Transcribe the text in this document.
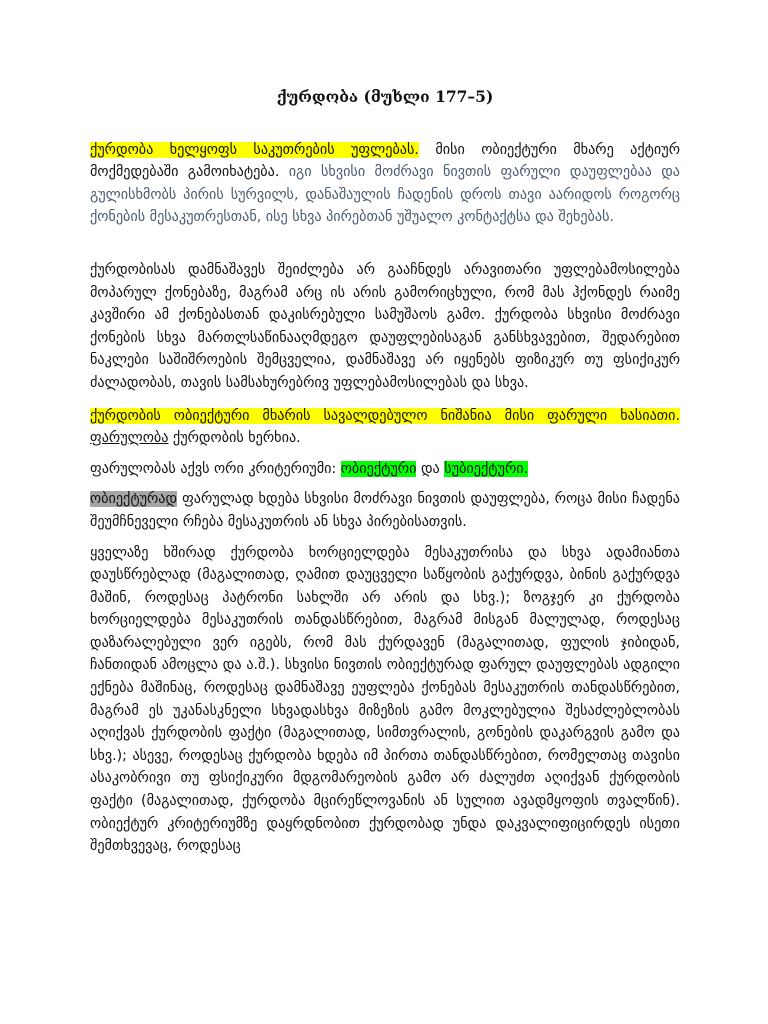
ქურდობა (მუხლი 177–5)

ქურდობა ხელყოფს საკუთრების უფლებას. მისი ობიექტური მხარე აქტიურ მოქმედებაში გამოიხატება. იგი სხვისი მოძრავი ნივთის ფარული დაუფლებაა და გულისხმობს პირის სურვილს, დანაშაულის ჩადენის დროს თავი აარიდოს როგორც ქონების მესაკუთრესთან, ისე სხვა პირებთან უშუალო კონტაქტსა და შეხებას.

ქურდობისას დამნაშავეს შეიძლება არ გააჩნდეს არავითარი უფლებამოსილება მოპარულ ქონებაზე, მაგრამ არც ის არის გამორიცხული, რომ მას ჰქონდეს რაიმე კავშირი ამ ქონებასთან დაკისრებული სამუშაოს გამო. ქურდობა სხვისი მოძრავი ქონების სხვა მართლსაწინააღმდეგო დაუფლებისაგან განსხვავებით, შედარებით ნაკლები საშიშროების შემცველია, დამნაშავე არ იყენებს ფიზიკურ თუ ფსიქიკურ ძალადობას, თავის სამსახურებრივ უფლებამოსილებას და სხვა.

ქურდობის ობიექტური მხარის სავალდებულო ნიშანია მისი ფარული ხასიათი. ფარულობა ქურდობის ხერხია.

ფარულობას აქვს ორი კრიტერიუმი: ობიექტური და სუბიექტური.

ობიექტურად ფარულად ხდება სხვისი მოძრავი ნივთის დაუფლება, როცა მისი ჩადენა შეუმჩნეველი რჩება მესაკუთრის ან სხვა პირებისათვის.

ყველაზე ხშირად ქურდობა ხორციელდება მესაკუთრისა და სხვა ადამიანთა დაუსწრებლად (მაგალითად, ღამით დაუცველი საწყობის გაქურდვა, ბინის გაქურდვა მაშინ, როდესაც პატრონი სახლში არ არის და სხვ.); ზოგჯერ კი ქურდობა ხორციელდება მესაკუთრის თანდასწრებით, მაგრამ მისგან მალულად, როდესაც დაზარალებული ვერ იგებს, რომ მას ქურდავენ (მაგალითად, ფულის ჯიბიდან, ჩანთიდან ამოცლა და ა.შ.). სხვისი ნივთის ობიექტურად ფარულ დაუფლებას ადგილი ექნება მაშინაც, როდესაც დამნაშავე ეუფლება ქონებას მესაკუთრის თანდასწრებით, მაგრამ ეს უკანასკნელი სხვადასხვა მიზეზის გამო მოკლებულია შესაძლებლობას აღიქვას ქურდობის ფაქტი (მაგალითად, სიმთვრალის, გონების დაკარგვის გამო და სხვ.); ასევე, როდესაც ქურდობა ხდება იმ პირთა თანდასწრებით, რომელთაც თავისი ასაკობრივი თუ ფსიქიკური მდგომარეობის გამო არ ძალუძთ აღიქვან ქურდობის ფაქტი (მაგალითად, ქურდობა მცირეწლოვანის ან სულით ავადმყოფის თვალწინ). ობიექტურ კრიტერიუმზე დაყრდნობით ქურდობად უნდა დაკვალიფიცირდეს ისეთი შემთხვევაც, როდესაც
